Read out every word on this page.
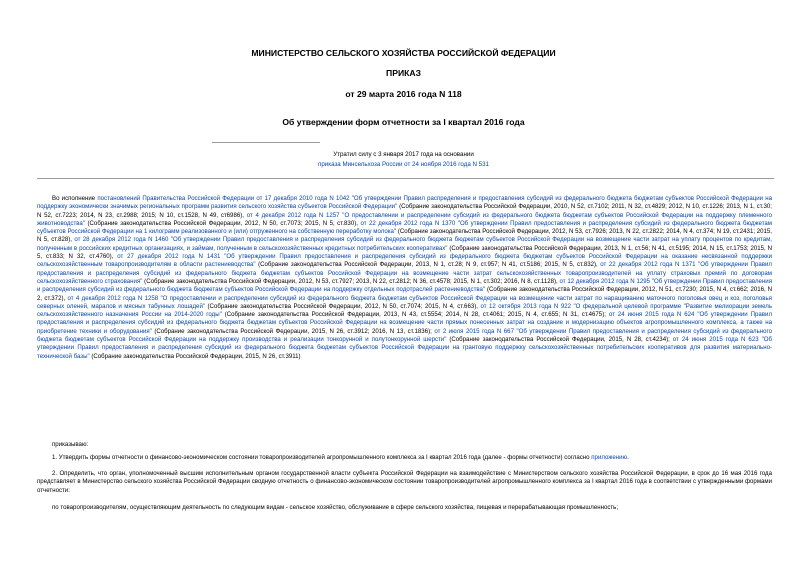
МИНИСТЕРСТВО СЕЛЬСКОГО ХОЗЯЙСТВА РОССИЙСКОЙ ФЕДЕРАЦИИ
ПРИКАЗ
от 29 марта 2016 года N 118
Об утверждении форм отчетности за I квартал 2016 года
Утратил силу с 3 января 2017 года на основании
приказа Минсельхоза России от 24 ноября 2016 года N 531
Во исполнение постановлений Правительства Российской Федерации от 17 декабря 2010 года N 1042 "Об утверждении Правил распределения и предоставления субсидий из федерального бюджета бюджетам субъектов Российской Федерации на поддержку экономически значимых региональных программ развития сельского хозяйства субъектов Российской Федерации" (Собрание законодательства Российской Федерации, 2010, N 52, ст.7102; 2011, N 32, ст.4829; 2012, N 10, ст.1226; 2013, N 1, ст.30; N 52, ст.7223; 2014, N 23, ст.2988; 2015; N 10, ст.1528, N 49, ст6986), от 4 декабря 2012 года N 1257 "О предоставлении и распределении субсидий из федерального бюджета бюджетам субъектов Российской Федерации на поддержку племенного животноводства" (Собрание законодательства Российской Федерации, 2012, N 50, ст.7073; 2015, N 5, ст.830), от 22 декабря 2012 года N 1370 "Об утверждении Правил предоставления и распределения субсидий из федерального бюджета бюджетам субъектов Российской Федерации на 1 килограмм реализованного и (или) отгруженного на собственную переработку молока" (Собрание законодательства Российской Федерации, 2012, N 53, ст.7926; 2013, N 22, ст.2822; 2014, N 4, ст.374; N 19, ст.2431; 2015, N 5, ст.828), от 28 декабря 2012 года N 1460 "Об утверждении Правил предоставления и распределения субсидий из федерального бюджета бюджетам субъектов Российской Федерации на возмещение части затрат на уплату процентов по кредитам, полученным в российских кредитных организациях, и займам, полученным в сельскохозяйственных кредитных потребительских кооперативах" (Собрание законодательства Российской Федерации, 2013, N 1, ст.56; N 41, ст.5195; 2014, N 15, ст.1753; 2015, N 5, ст.833; N 32, ст.4760), от 27 декабря 2012 года N 1431 "Об утверждении Правил предоставления и распределения субсидий из федерального бюджета бюджетам субъектов Российской Федерации на оказание несвязанной поддержки сельскохозяйственным товаропроизводителям в области растениеводства" (Собрание законодательства Российской Федерации, 2013, N 1, ст.28; N 9, ст.957; N 41, ст.5186; 2015, N 5, ст.832), от 22 декабря 2012 года N 1371 "Об утверждении Правил предоставления и распределения субсидий из федерального бюджета бюджетам субъектов Российской Федерации на возмещение части затрат сельскохозяйственных товаропроизводителей на уплату страховых премий по договорам сельскохозяйственного страхования" (Собрание законодательства Российской Федерации, 2012, N 53, ст.7927; 2013, N 22, ст.2812; N 36, ст.4578; 2015, N 1, ст.302; 2016, N 8, ст.1128), от 12 декабря 2012 года N 1295 "Об утверждении Правил предоставления и распределения субсидий из федерального бюджета бюджетам субъектов Российской Федерации на поддержку отдельных подотраслей растениеводства" (Собрание законодательства Российской Федерации, 2012, N 51, ст.7230; 2015, N 4, ст.662; 2016, N 2, ст.372), от 4 декабря 2012 года N 1258 "О предоставлении и распределении субсидий из федерального бюджета бюджетам субъектов Российской Федерации на возмещение части затрат по наращиванию маточного поголовья овец и коз, поголовья северных оленей, маралов и мясных табунных лошадей" (Собрание законодательства Российской Федерации, 2012, N 50, ст.7074; 2015, N 4, ст.663), от 12 октября 2013 года N 922 "О федеральной целевой программе "Развитие мелиорации земель сельскохозяйственного назначения России на 2014-2020 годы" (Собрание законодательства Российской Федерации, 2013, N 43, ст.5554; 2014, N 28, ст.4061; 2015, N 4, ст.655; N 31, ст.4675); от 24 июня 2015 года N 624 "Об утверждении Правил предоставления и распределения субсидий из федерального бюджета бюджетам субъектов Российской Федерации на возмещение части прямых понесенных затрат на создание и модернизацию объектов агропромышленного комплекса, а также на приобретение техники и оборудования" (Собрание законодательства Российской Федерации, 2015, N 26, ст.3912; 2016, N 13, ст.1836); от 2 июля 2015 года N 667 "Об утверждении Правил предоставления и распределения субсидий из федерального бюджета бюджетам субъектов Российской Федерации на поддержку производства и реализации тонкорунной и полутонкорунной шерсти" (Собрание законодательства Российской Федерации, 2015, N 28, ст.4234); от 24 июня 2015 года N 623 "Об утверждении Правил предоставления и распределения субсидий из федерального бюджета бюджетам субъектов Российской Федерации на грантовую поддержку сельскохозяйственных потребительских кооперативов для развития материально-технической базы" (Собрание законодательства Российской Федерации, 2015, N 26, ст.3911)
приказываю:
1. Утвердить формы отчетности о финансово-экономическом состоянии товаропроизводителей агропромышленного комплекса за I квартал 2016 года (далее - формы отчетности) согласно приложению.
2. Определить, что орган, уполномоченный высшим исполнительным органом государственной власти субъекта Российской Федерации на взаимодействие с Министерством сельского хозяйства Российской Федерации, в срок до 16 мая 2016 года представляет в Министерство сельского хозяйства Российской Федерации сводную отчетность о финансово-экономическом состоянии товаропроизводителей агропромышленного комплекса за I квартал 2016 года в соответствии с утвержденными формами отчетности:
по товаропроизводителям, осуществляющим деятельность по следующим видам - сельское хозяйство, обслуживание в сфере сельского хозяйства, пищевая и перерабатывающая промышленность;
